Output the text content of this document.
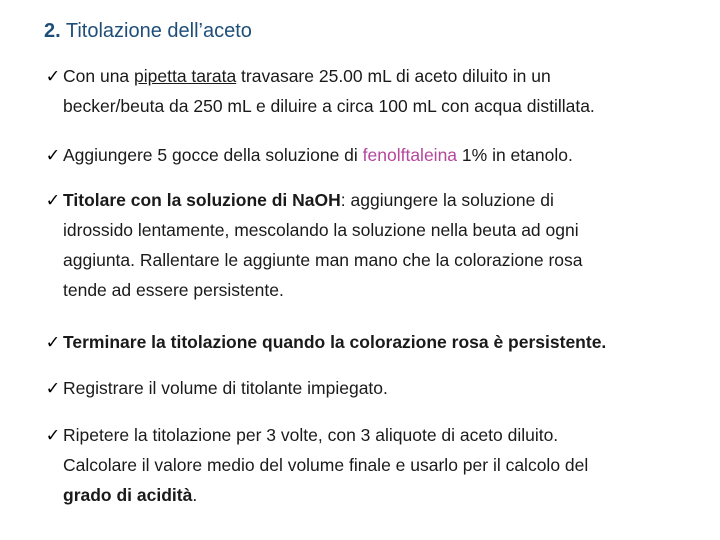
2. Titolazione dell’aceto
✓ Con una pipetta tarata travasare 25.00 mL di aceto diluito in un
becker/beuta da 250 mL e diluire a circa 100 mL con acqua distillata.
✓ Aggiungere 5 gocce della soluzione di fenolftaleina 1% in etanolo.
✓ Titolare con la soluzione di NaOH: aggiungere la soluzione di
idrossido lentamente, mescolando la soluzione nella beuta ad ogni
aggiunta. Rallentare le aggiunte man mano che la colorazione rosa
tende ad essere persistente.
✓ Terminare la titolazione quando la colorazione rosa è persistente.
✓ Registrare il volume di titolante impiegato.
✓ Ripetere la titolazione per 3 volte, con 3 aliquote di aceto diluito.
Calcolare il valore medio del volume finale e usarlo per il calcolo del
grado di acidità.
